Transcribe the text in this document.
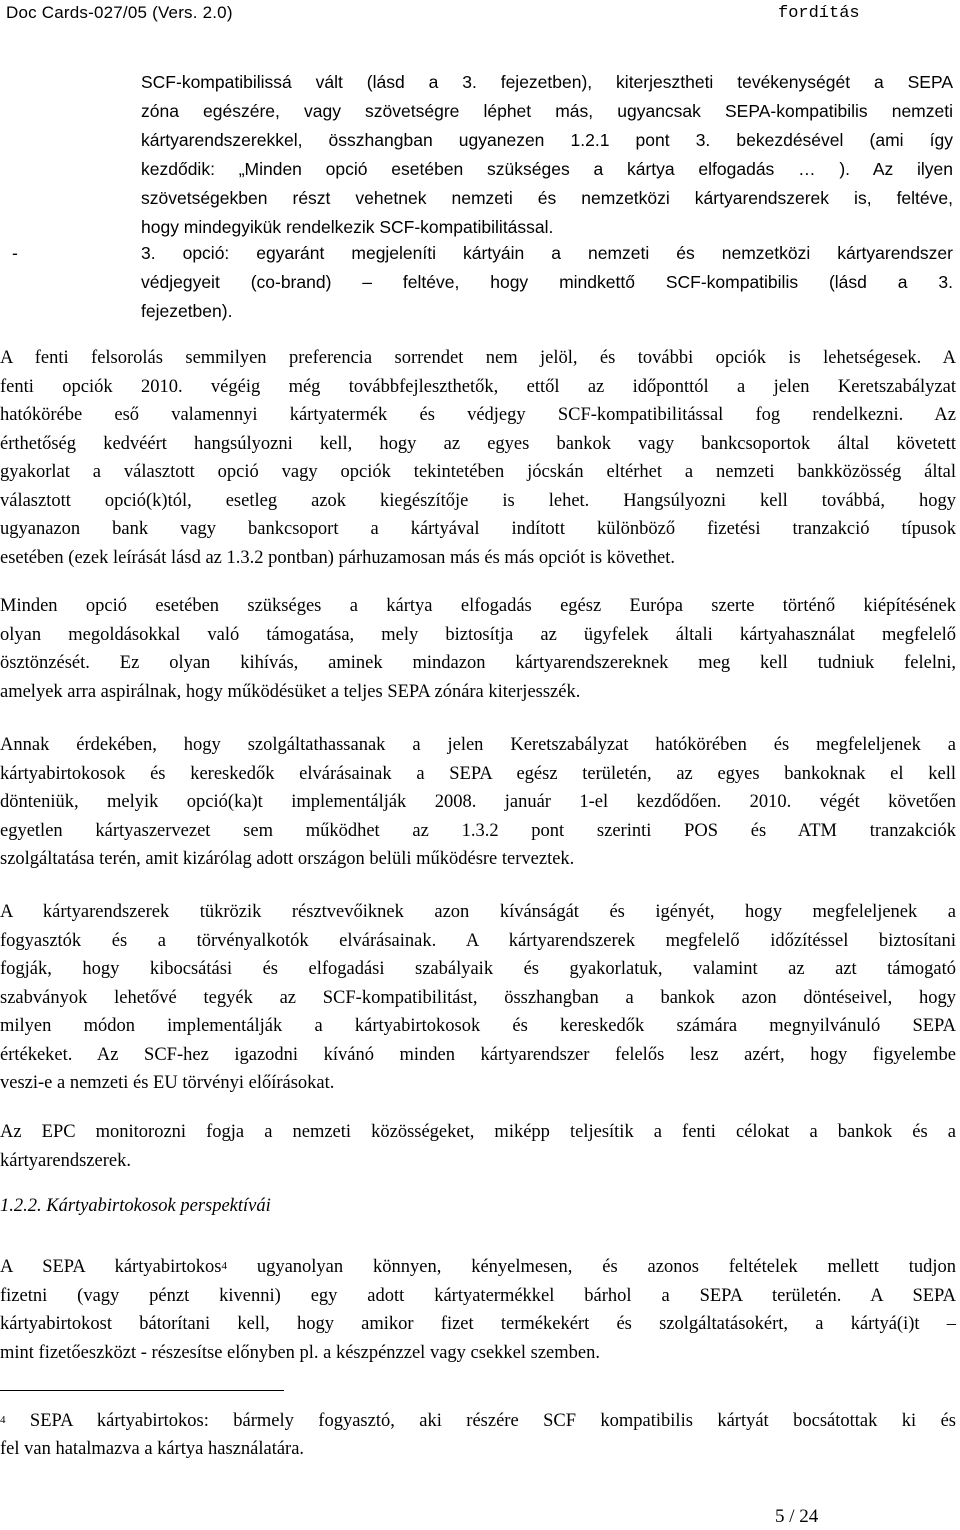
Doc Cards-027/05 (Vers. 2.0)	fordítás
SCF-kompatibilissá vált (lásd a 3. fejezetben), kiterjesztheti tevékenységét a SEPA
zóna egészére, vagy szövetségre léphet más, ugyancsak SEPA-kompatibilis nemzeti
kártyarendszerekkel, összhangban ugyanezen 1.2.1 pont 3. bekezdésével (ami így
kezdődik: „Minden opció esetében szükséges a kártya elfogadás … ). Az ilyen
szövetségekben részt vehetnek nemzeti és nemzetközi kártyarendszerek is, feltéve,
hogy mindegyikük rendelkezik SCF-kompatibilitással.
-	3. opció: egyaránt megjeleníti kártyáin a nemzeti és nemzetközi kártyarendszer
védjegyeit (co-brand) – feltéve, hogy mindkettő SCF-kompatibilis (lásd a 3.
fejezetben).
A fenti felsorolás semmilyen preferencia sorrendet nem jelöl, és további opciók is lehetségesek. A
fenti opciók 2010. végéig még továbbfejleszthetők, ettől az időponttól a jelen Keretszabályzat
hatókörébe eső valamennyi kártyatermék és védjegy SCF-kompatibilitással fog rendelkezni. Az
érthetőség kedvéért hangsúlyozni kell, hogy az egyes bankok vagy bankcsoportok által követett
gyakorlat a választott opció vagy opciók tekintetében jócskán eltérhet a nemzeti bankközösség által
választott opció(k)tól, esetleg azok kiegészítője is lehet. Hangsúlyozni kell továbbá, hogy
ugyanazon bank vagy bankcsoport a kártyával indított különböző fizetési tranzakció típusok
esetében (ezek leírását lásd az 1.3.2 pontban) párhuzamosan más és más opciót is követhet.
Minden opció esetében szükséges a kártya elfogadás egész Európa szerte történő kiépítésének
olyan megoldásokkal való támogatása, mely biztosítja az ügyfelek általi kártyahasználat megfelelő
ösztönzését. Ez olyan kihívás, aminek mindazon kártyarendszereknek meg kell tudniuk felelni,
amelyek arra aspirálnak, hogy működésüket a teljes SEPA zónára kiterjesszék.
Annak érdekében, hogy szolgáltathassanak a jelen Keretszabályzat hatókörében és megfeleljenek a
kártyabirtokosok és kereskedők elvárásainak a SEPA egész területén, az egyes bankoknak el kell
dönteniük, melyik opció(ka)t implementálják 2008. január 1-el kezdődően. 2010. végét követően
egyetlen kártyaszervezet sem működhet az 1.3.2 pont szerinti POS és ATM tranzakciók
szolgáltatása terén, amit kizárólag adott országon belüli működésre terveztek.
A kártyarendszerek tükrözik résztvevőiknek azon kívánságát és igényét, hogy megfeleljenek a
fogyasztók és a törvényalkotók elvárásainak. A kártyarendszerek megfelelő időzítéssel biztosítani
fogják, hogy kibocsátási és elfogadási szabályaik és gyakorlatuk, valamint az azt támogató
szabványok lehetővé tegyék az SCF-kompatibilitást, összhangban a bankok azon döntéseivel, hogy
milyen módon implementálják a kártyabirtokosok és kereskedők számára megnyilvánuló SEPA
értékeket. Az SCF-hez igazodni kívánó minden kártyarendszer felelős lesz azért, hogy figyelembe
veszi-e a nemzeti és EU törvényi előírásokat.
Az EPC monitorozni fogja a nemzeti közösségeket, miképp teljesítik a fenti célokat a bankok és a
kártyarendszerek.
1.2.2. Kártyabirtokosok perspektívái
A SEPA kártyabirtokos$^4$ ugyanolyan könnyen, kényelmesen, és azonos feltételek mellett tudjon
fizetni (vagy pénzt kivenni) egy adott kártyatermékkel bárhol a SEPA területén. A SEPA
kártyabirtokost bátorítani kell, hogy amikor fizet termékekért és szolgáltatásokért, a kártyá(i)t –
mint fizetőeszközt - részesítse előnyben pl. a készpénzzel vagy csekkel szemben.
$^4$ SEPA kártyabirtokos: bármely fogyasztó, aki részére SCF kompatibilis kártyát bocsátottak ki és
fel van hatalmazva a kártya használatára.
5 / 24
